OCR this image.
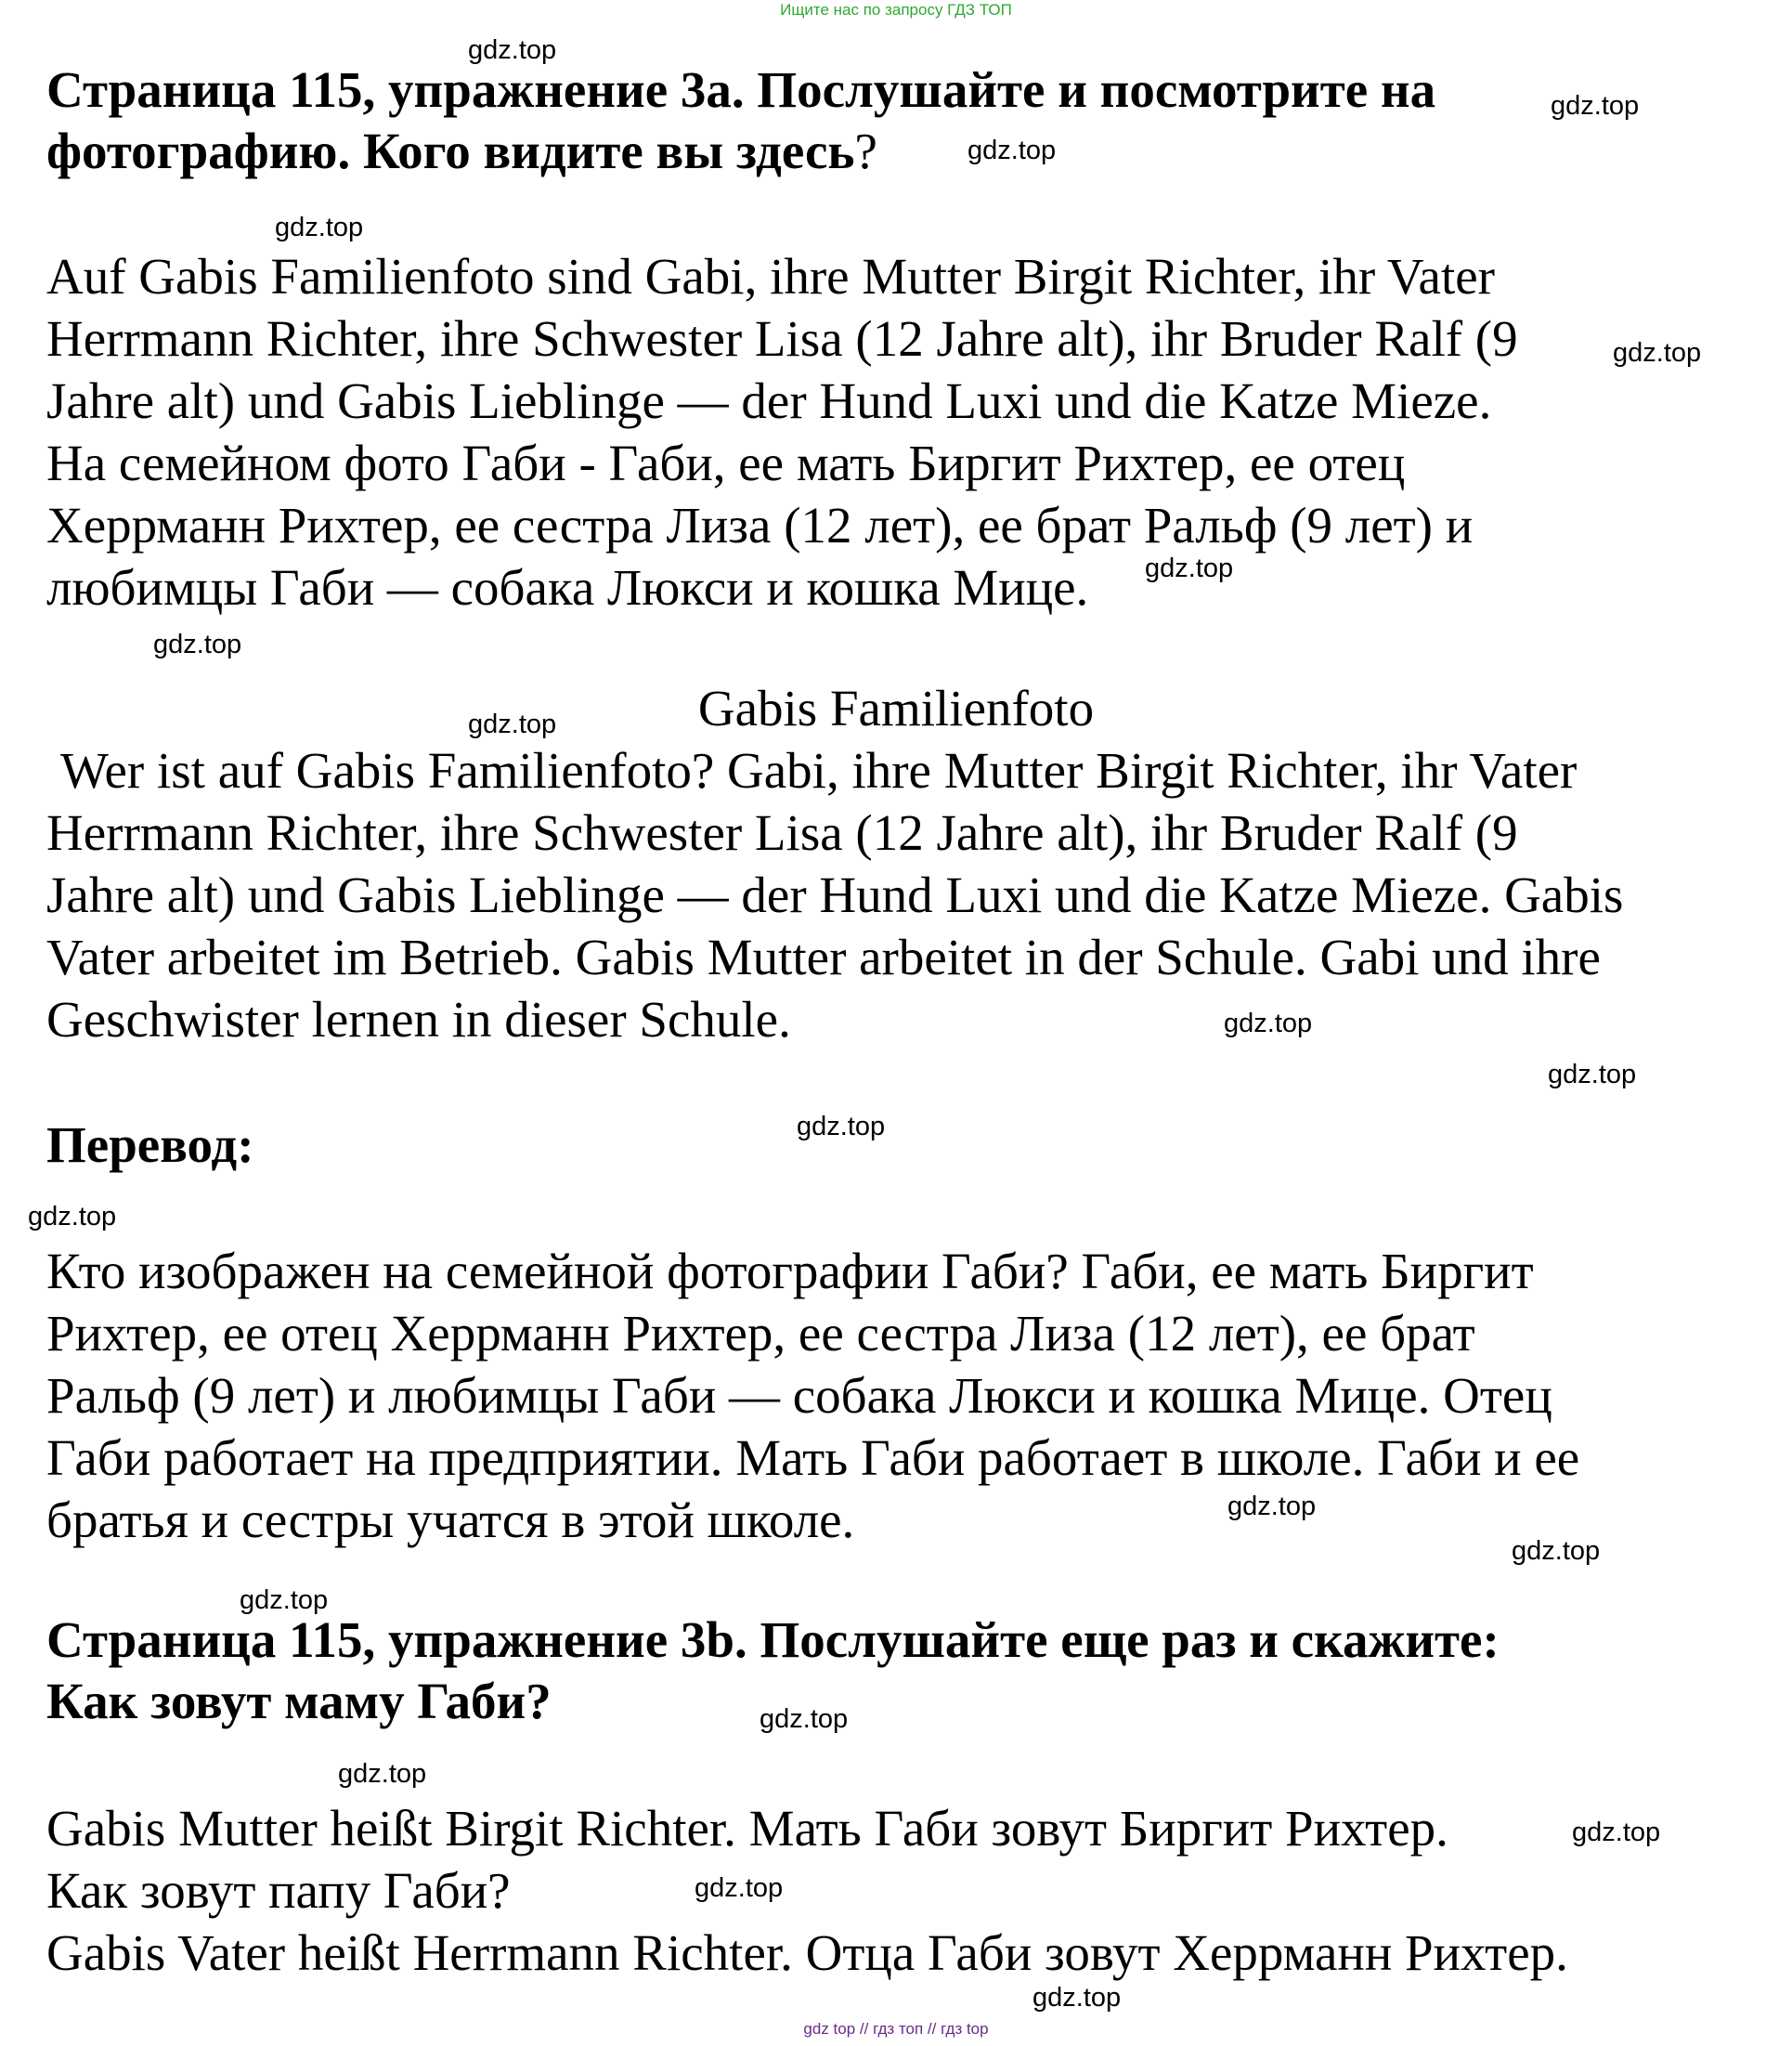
Ищите нас по запросу ГДЗ ТОП
Страница 115, упражнение 3а. Послушайте и посмотрите на
фотографию. Кого видите вы здесь?
Auf Gabis Familienfoto sind Gabi, ihre Mutter Birgit Richter, ihr Vater
Herrmann Richter, ihre Schwester Lisa (12 Jahre alt), ihr Bruder Ralf (9
Jahre alt) und Gabis Lieblinge — der Hund Luxi und die Katze Mieze.
На семейном фото Габи - Габи, ее мать Биргит Рихтер, ее отец
Херрманн Рихтер, ее сестра Лиза (12 лет), ее брат Ральф (9 лет) и
любимцы Габи — собака Люкси и кошка Мице.
Gabis Familienfoto
Wer ist auf Gabis Familienfoto? Gabi, ihre Mutter Birgit Richter, ihr Vater
Herrmann Richter, ihre Schwester Lisa (12 Jahre alt), ihr Bruder Ralf (9
Jahre alt) und Gabis Lieblinge — der Hund Luxi und die Katze Mieze. Gabis
Vater arbeitet im Betrieb. Gabis Mutter arbeitet in der Schule. Gabi und ihre
Geschwister lernen in dieser Schule.
Перевод:
Кто изображен на семейной фотографии Габи? Габи, ее мать Биргит
Рихтер, ее отец Херрманн Рихтер, ее сестра Лиза (12 лет), ее брат
Ральф (9 лет) и любимцы Габи — собака Люкси и кошка Мице. Отец
Габи работает на предприятии. Мать Габи работает в школе. Габи и ее
братья и сестры учатся в этой школе.
Страница 115, упражнение 3b. Послушайте еще раз и скажите:
Как зовут маму Габи?
Gabis Mutter heißt Birgit Richter. Мать Габи зовут Биргит Рихтер.
Как зовут папу Габи?
Gabis Vater heißt Herrmann Richter. Отца Габи зовут Херрманн Рихтер.
gdz.top
gdz.top
gdz.top
gdz.top
gdz.top
gdz.top
gdz.top
gdz.top
gdz.top
gdz.top
gdz.top
gdz.top
gdz.top
gdz.top
gdz.top
gdz.top
gdz.top
gdz.top
gdz.top
gdz.top
gdz top // гдз топ // гдз top
